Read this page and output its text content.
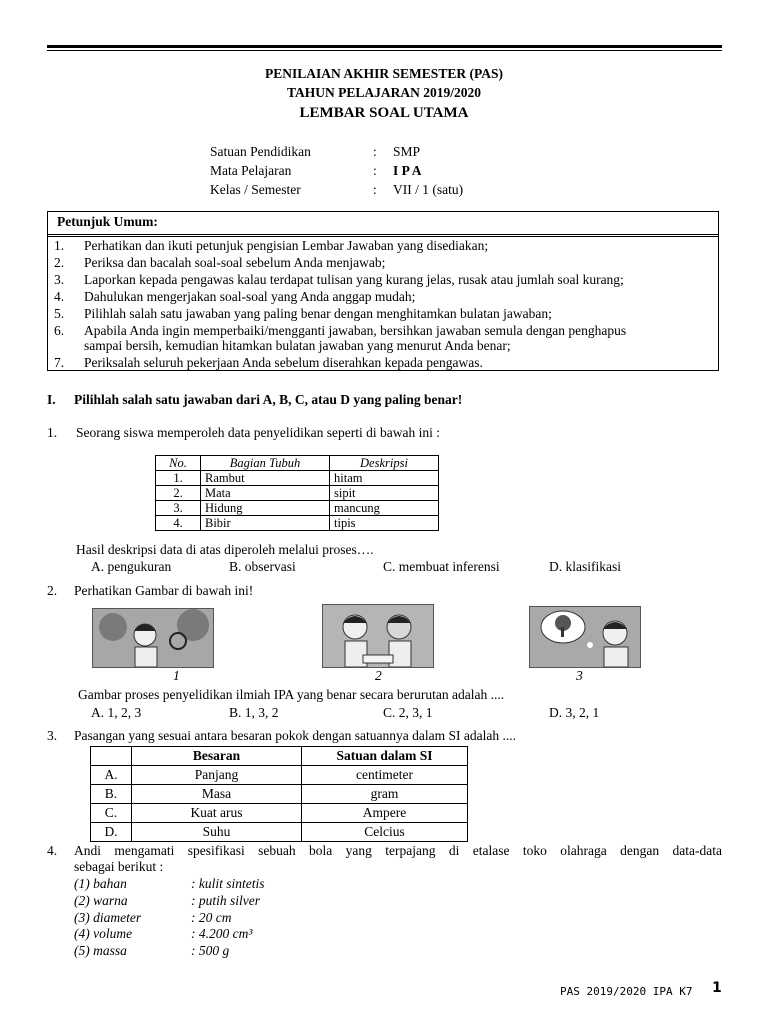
PENILAIAN AKHIR SEMESTER (PAS)
TAHUN PELAJARAN 2019/2020
LEMBAR SOAL UTAMA
Satuan Pendidikan	: SMP
Mata Pelajaran	: I P A
Kelas / Semester	: VII / 1 (satu)
Petunjuk Umum:
1. Perhatikan dan ikuti petunjuk pengisian Lembar Jawaban yang disediakan;
2. Periksa dan bacalah soal-soal sebelum Anda menjawab;
3. Laporkan kepada pengawas kalau terdapat tulisan yang kurang jelas, rusak atau jumlah soal kurang;
4. Dahulukan mengerjakan soal-soal yang Anda anggap mudah;
5. Pilihlah salah satu jawaban yang paling benar dengan menghitamkan bulatan jawaban;
6. Apabila Anda ingin memperbaiki/mengganti jawaban, bersihkan jawaban semula dengan penghapus
sampai bersih, kemudian hitamkan bulatan jawaban yang menurut Anda benar;
7. Periksalah seluruh pekerjaan Anda sebelum diserahkan kepada pengawas.
I. Pilihlah salah satu jawaban dari A, B, C, atau D yang paling benar!
1. Seorang siswa memperoleh data penyelidikan seperti di bawah ini :
No.	Bagian Tubuh	Deskripsi
1.	Rambut	hitam
2.	Mata	sipit
3.	Hidung	mancung
4.	Bibir	tipis
Hasil deskripsi data di atas diperoleh melalui proses….
A. pengukuran	B. observasi	C. membuat inferensi	D. klasifikasi
2. Perhatikan Gambar di bawah ini!
1	2	3
Gambar proses penyelidikan ilmiah IPA yang benar secara berurutan adalah ....
A. 1, 2, 3	B. 1, 3, 2	C. 2, 3, 1	D. 3, 2, 1
3. Pasangan yang sesuai antara besaran pokok dengan satuannya dalam SI adalah ....
	Besaran	Satuan dalam SI
A.	Panjang	centimeter
B.	Masa	gram
C.	Kuat arus	Ampere
D.	Suhu	Celcius
4. Andi mengamati spesifikasi sebuah bola yang terpajang di etalase toko olahraga dengan data-data
sebagai berikut :
(1) bahan	: kulit sintetis
(2) warna	: putih silver
(3) diameter	: 20 cm
(4) volume	: 4.200 cm³
(5) massa	: 500 g
PAS 2019/2020 IPA K7 1
